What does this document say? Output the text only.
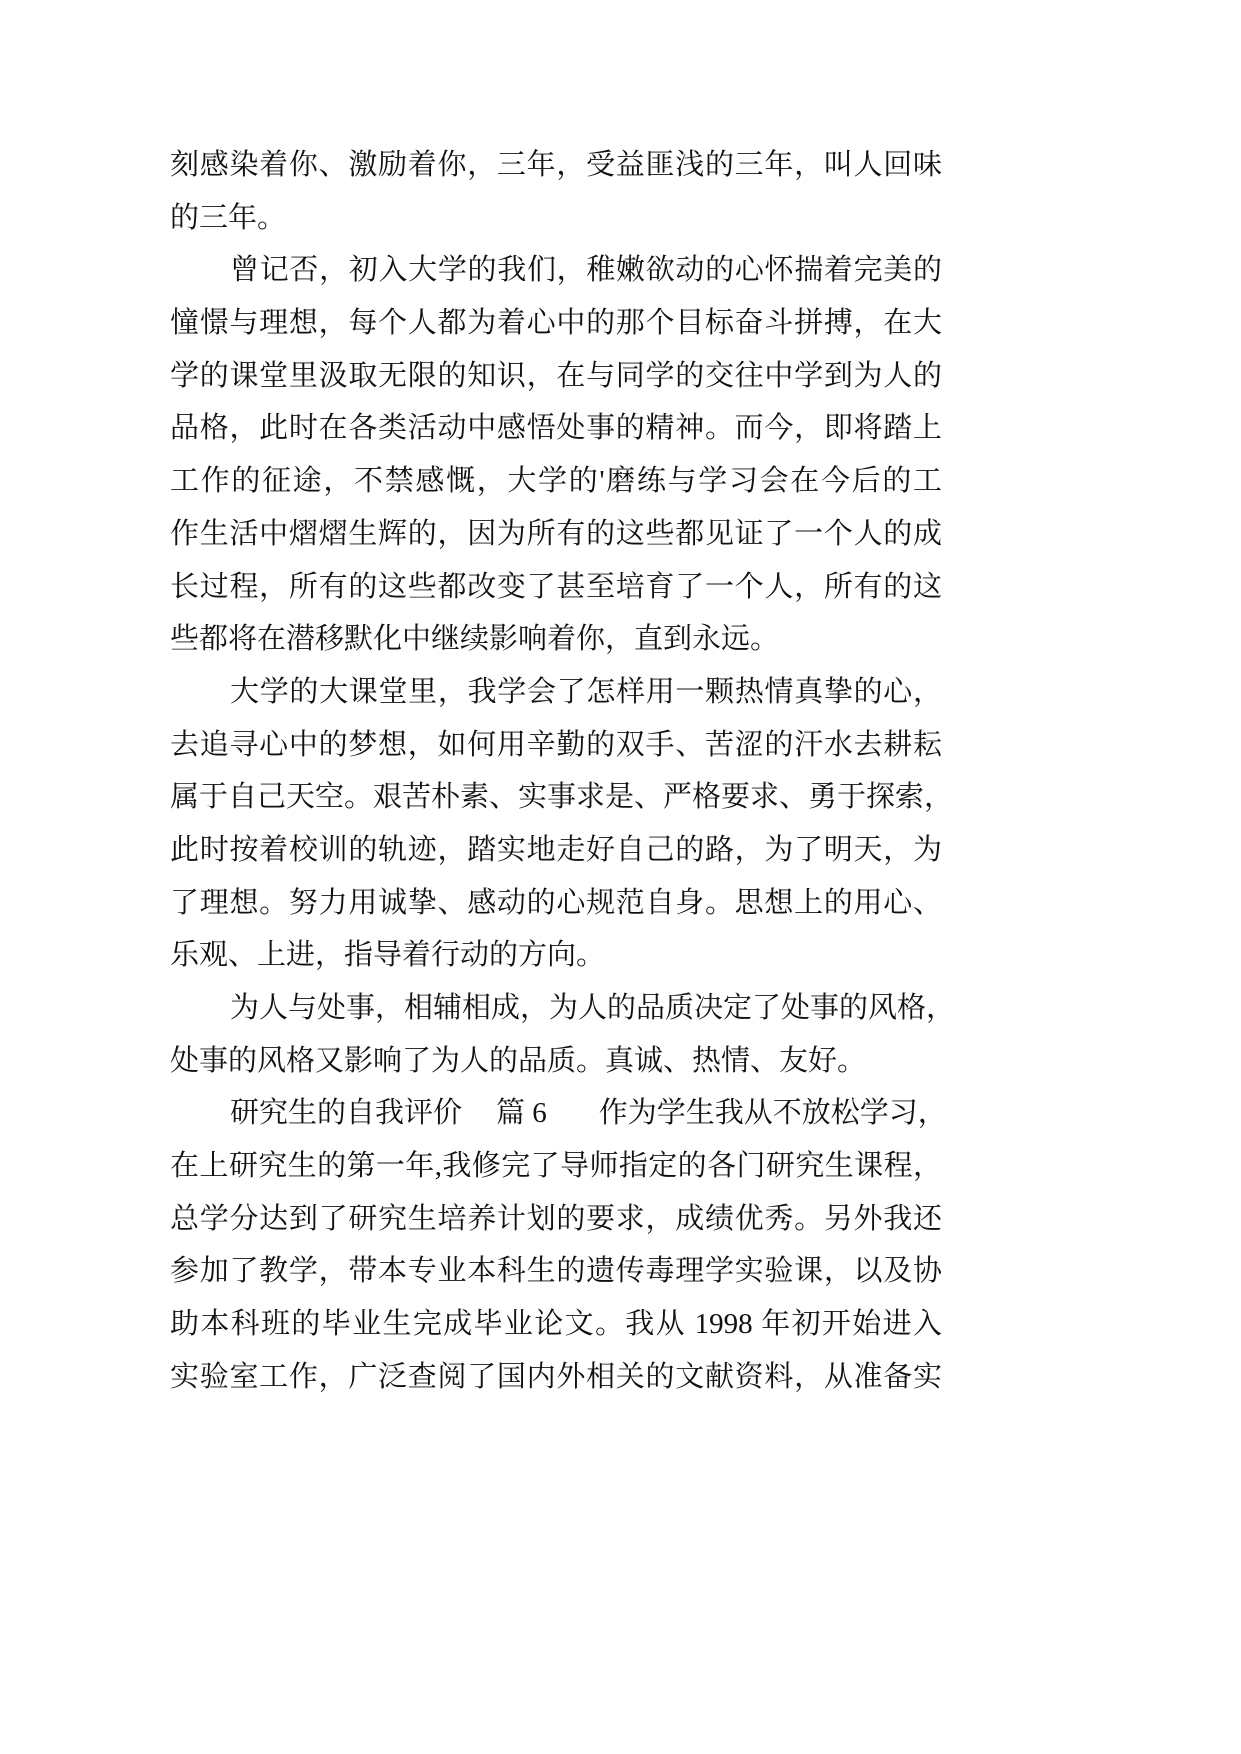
刻感染着你、激励着你，三年，受益匪浅的三年，叫人回味
的三年。
曾记否，初入大学的我们，稚嫩欲动的心怀揣着完美的
憧憬与理想，每个人都为着心中的那个目标奋斗拼搏，在大
学的课堂里汲取无限的知识，在与同学的交往中学到为人的
品格，此时在各类活动中感悟处事的精神。而今，即将踏上
工作的征途，不禁感慨，大学的'磨练与学习会在今后的工
作生活中熠熠生辉的，因为所有的这些都见证了一个人的成
长过程，所有的这些都改变了甚至培育了一个人，所有的这
些都将在潜移默化中继续影响着你，直到永远。
大学的大课堂里，我学会了怎样用一颗热情真挚的心，
去追寻心中的梦想，如何用辛勤的双手、苦涩的汗水去耕耘
属于自己天空。艰苦朴素、实事求是、严格要求、勇于探索，
此时按着校训的轨迹，踏实地走好自己的路，为了明天，为
了理想。努力用诚挚、感动的心规范自身。思想上的用心、
乐观、上进，指导着行动的方向。
为人与处事，相辅相成，为人的品质决定了处事的风格，
处事的风格又影响了为人的品质。真诚、热情、友好。
研究生的自我评价 篇 6 作为学生我从不放松学习，
在上研究生的第一年,我修完了导师指定的各门研究生课程，
总学分达到了研究生培养计划的要求，成绩优秀。另外我还
参加了教学，带本专业本科生的遗传毒理学实验课，以及协
助本科班的毕业生完成毕业论文。我从 1998 年初开始进入
实验室工作，广泛查阅了国内外相关的文献资料，从准备实
